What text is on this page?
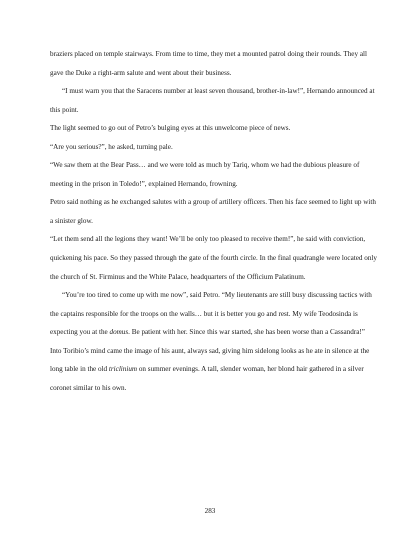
braziers placed on temple stairways. From time to time, they met a mounted patrol doing their rounds. They all gave the Duke a right-arm salute and went about their business.

“I must warn you that the Saracens number at least seven thousand, brother-in-law!”, Hernando announced at this point.

The light seemed to go out of Petro’s bulging eyes at this unwelcome piece of news.

“Are you serious?”, he asked, turning pale.

“We saw them at the Bear Pass… and we were told as much by Tariq, whom we had the dubious pleasure of meeting in the prison in Toledo!”, explained Hernando, frowning.

Petro said nothing as he exchanged salutes with a group of artillery officers. Then his face seemed to light up with a sinister glow.

“Let them send all the legions they want! We’ll be only too pleased to receive them!”, he said with conviction, quickening his pace. So they passed through the gate of the fourth circle. In the final quadrangle were located only the church of St. Firminus and the White Palace, headquarters of the Officium Palatinum.

“You’re too tired to come up with me now”, said Petro. “My lieutenants are still busy discussing tactics with the captains responsible for the troops on the walls… but it is better you go and rest. My wife Teodosinda is expecting you at the domus. Be patient with her. Since this war started, she has been worse than a Cassandra!”

Into Toribio’s mind came the image of his aunt, always sad, giving him sidelong looks as he ate in silence at the long table in the old triclinium on summer evenings. A tall, slender woman, her blond hair gathered in a silver coronet similar to his own.

283
